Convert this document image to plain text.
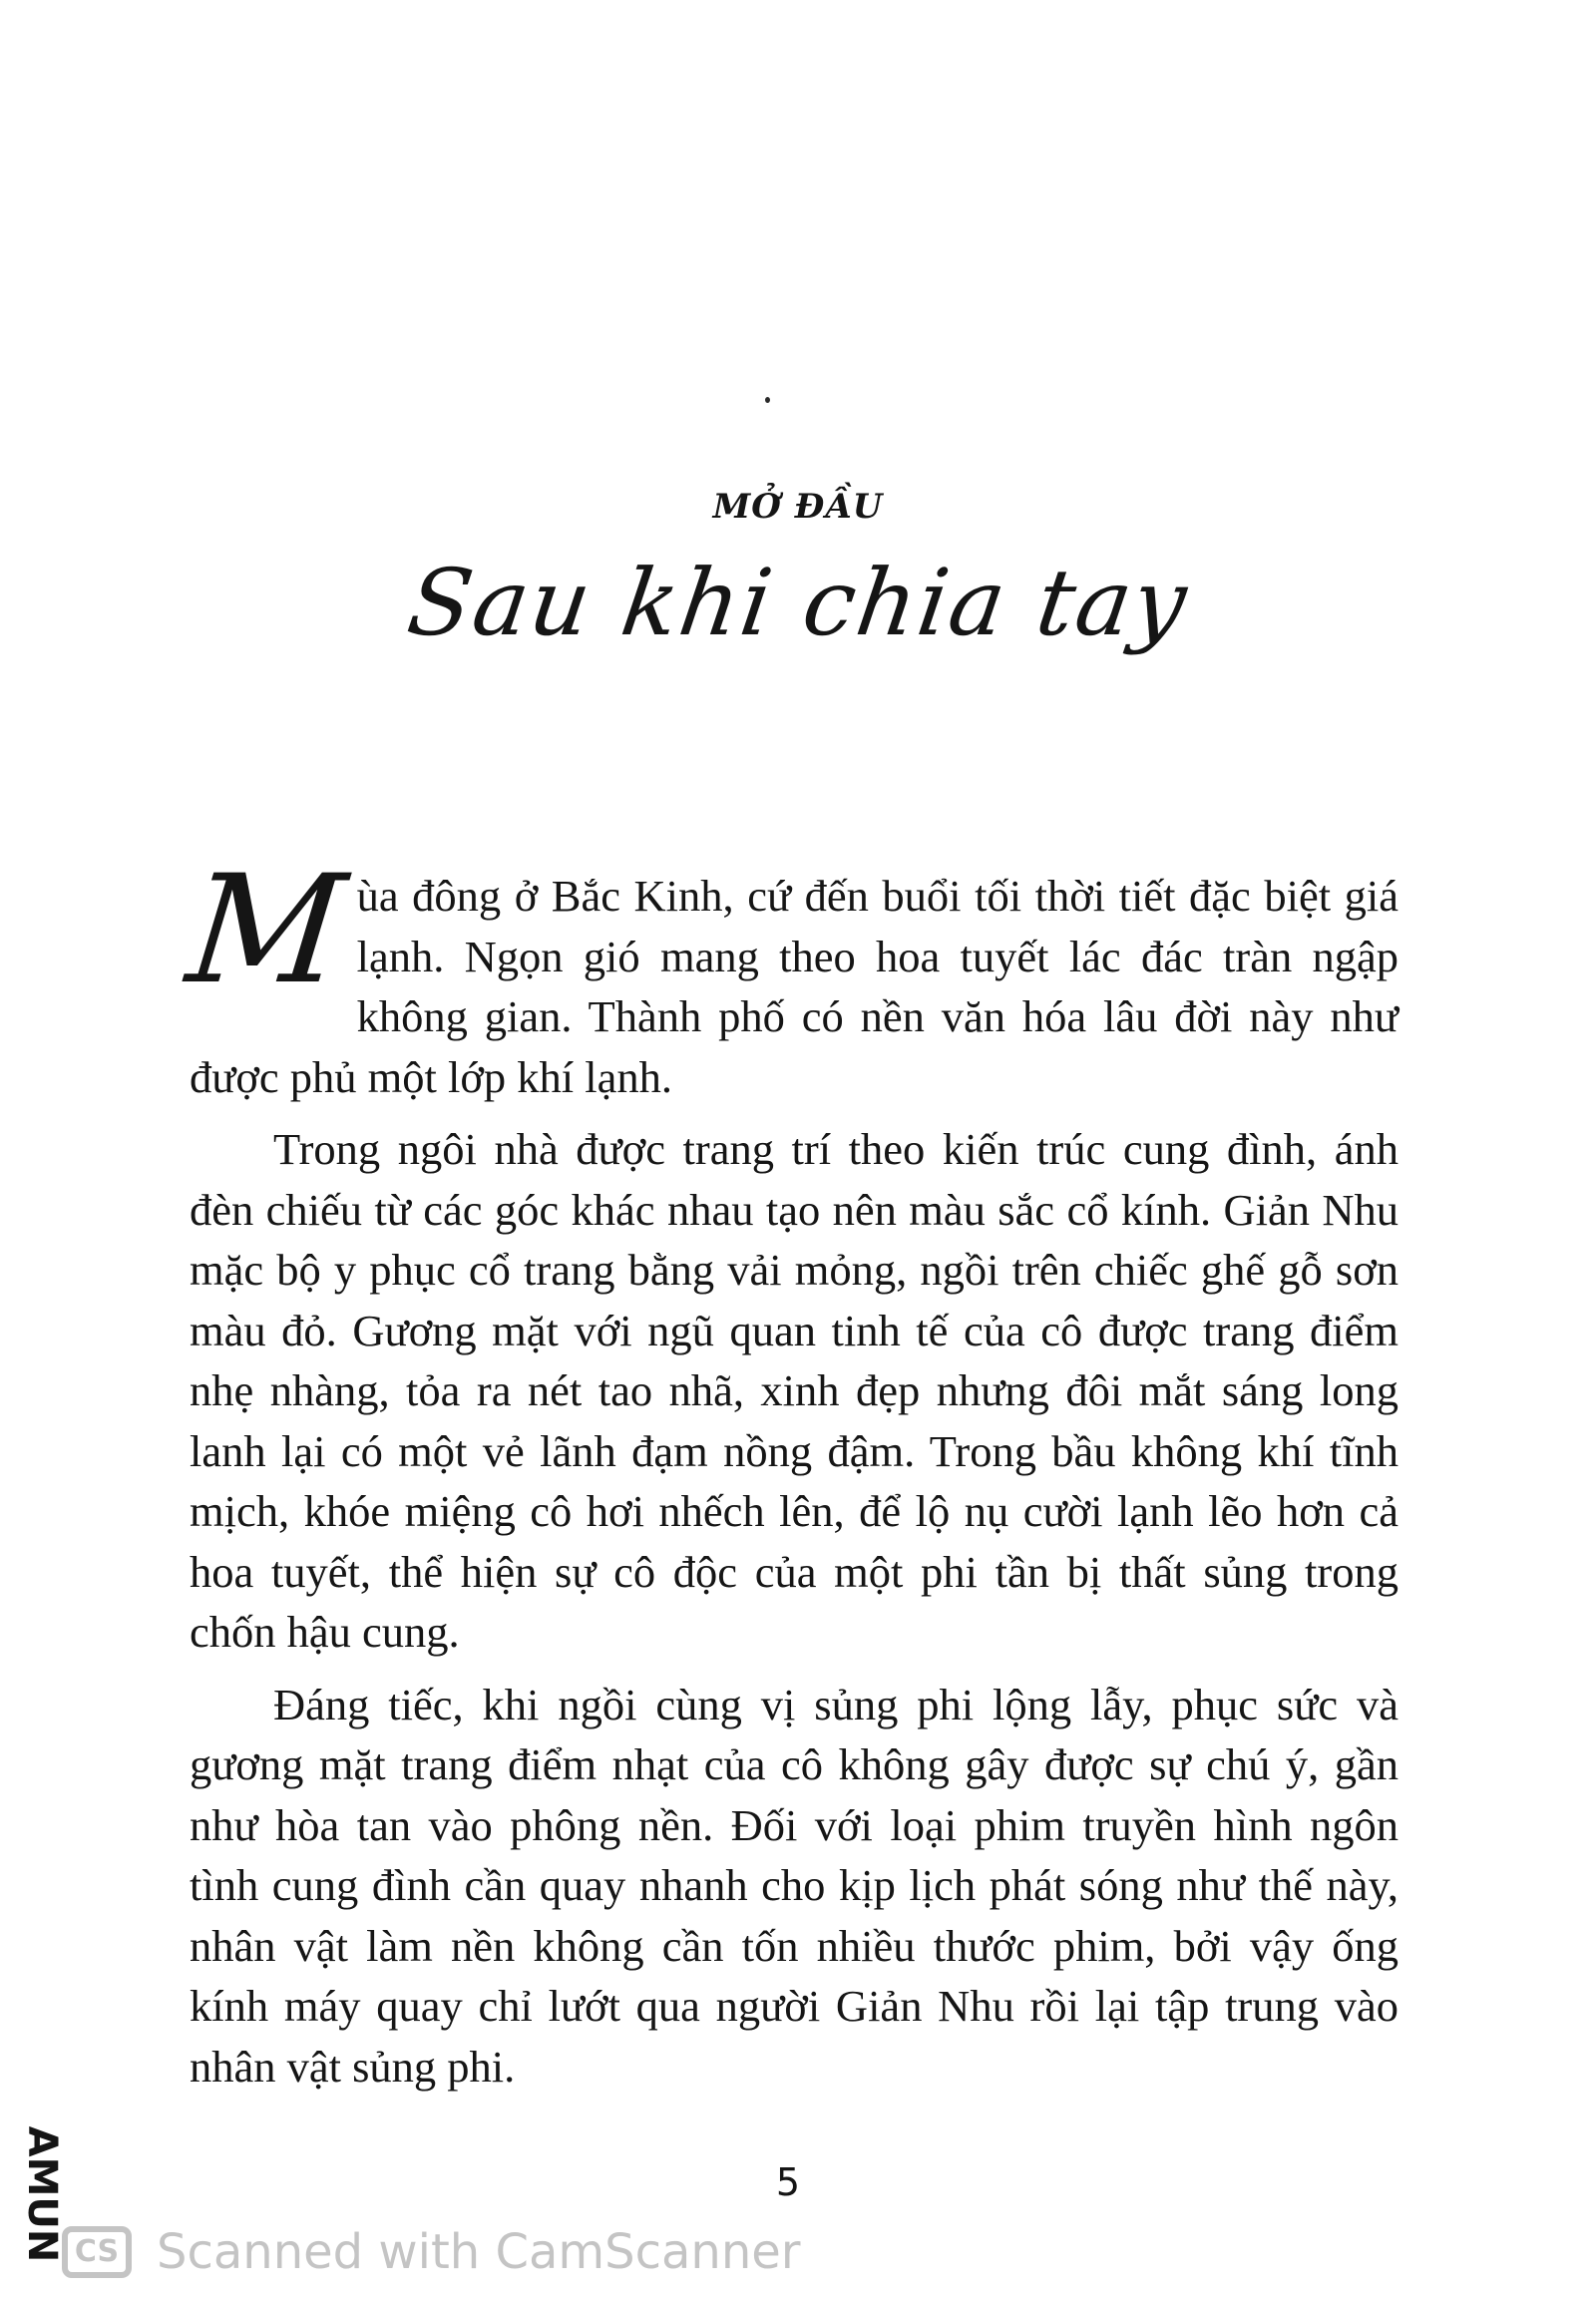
MỞ ĐẦU
Sau khi chia tay

Mùa đông ở Bắc Kinh, cứ đến buổi tối thời tiết đặc biệt giá lạnh. Ngọn gió mang theo hoa tuyết lác đác tràn ngập không gian. Thành phố có nền văn hóa lâu đời này như được phủ một lớp khí lạnh.

Trong ngôi nhà được trang trí theo kiến trúc cung đình, ánh đèn chiếu từ các góc khác nhau tạo nên màu sắc cổ kính. Giản Nhu mặc bộ y phục cổ trang bằng vải mỏng, ngồi trên chiếc ghế gỗ sơn màu đỏ. Gương mặt với ngũ quan tinh tế của cô được trang điểm nhẹ nhàng, tỏa ra nét tao nhã, xinh đẹp nhưng đôi mắt sáng long lanh lại có một vẻ lãnh đạm nồng đậm. Trong bầu không khí tĩnh mịch, khóe miệng cô hơi nhếch lên, để lộ nụ cười lạnh lẽo hơn cả hoa tuyết, thể hiện sự cô độc của một phi tần bị thất sủng trong chốn hậu cung.

Đáng tiếc, khi ngồi cùng vị sủng phi lộng lẫy, phục sức và gương mặt trang điểm nhạt của cô không gây được sự chú ý, gần như hòa tan vào phông nền. Đối với loại phim truyền hình ngôn tình cung đình cần quay nhanh cho kịp lịch phát sóng như thế này, nhân vật làm nền không cần tốn nhiều thước phim, bởi vậy ống kính máy quay chỉ lướt qua người Giản Nhu rồi lại tập trung vào nhân vật sủng phi.

AMUN	5
CS Scanned with CamScanner
